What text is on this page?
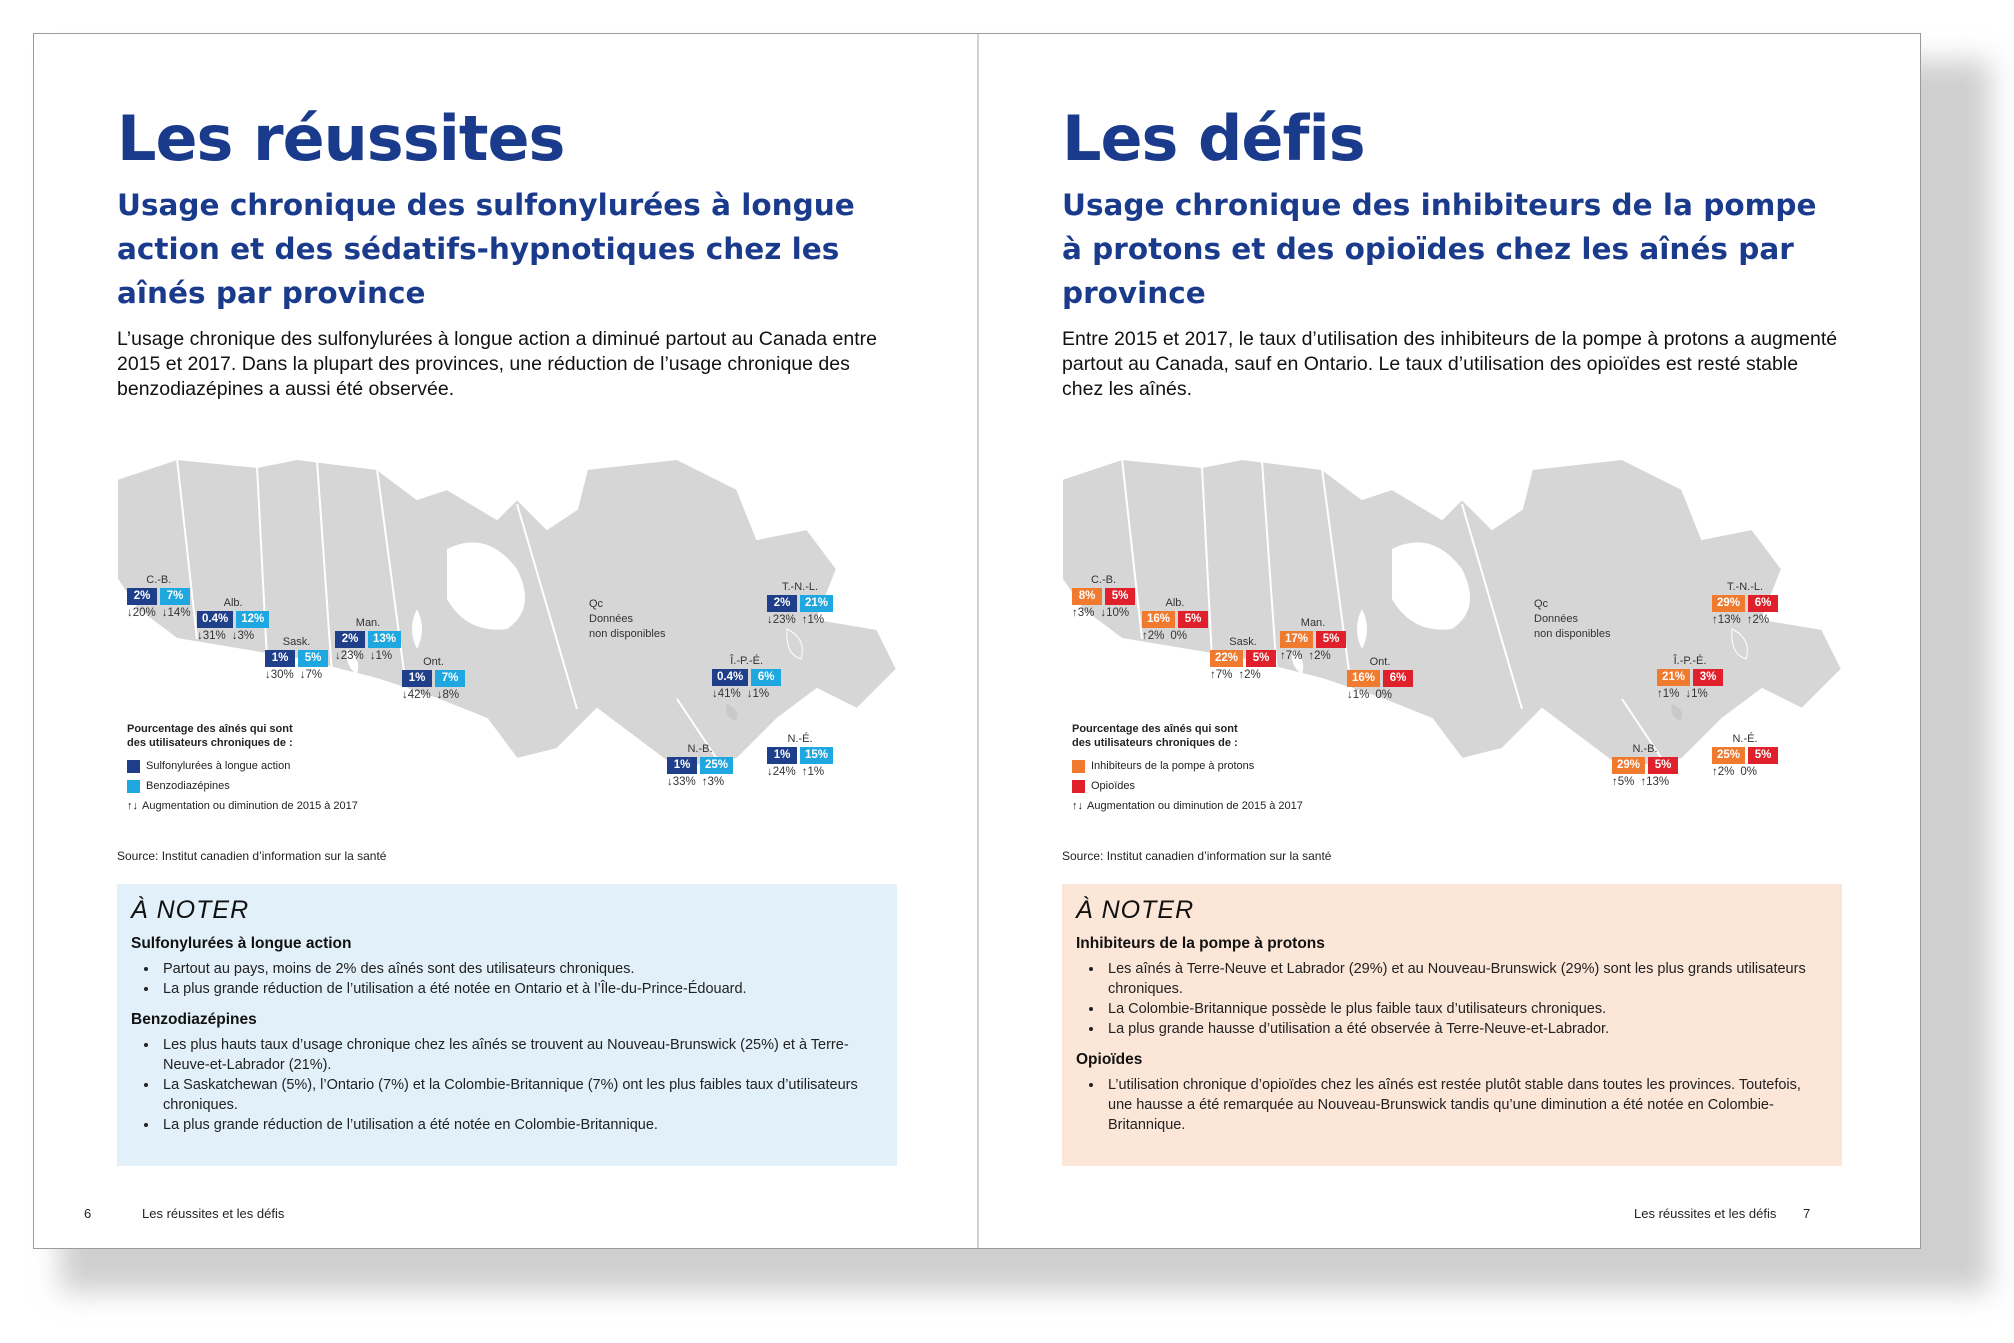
Les réussites
Usage chronique des sulfonylurées à longue action et des sédatifs-hypnotiques chez les aînés par province

L’usage chronique des sulfonylurées à longue action a diminué partout au Canada entre 2015 et 2017. Dans la plupart des provinces, une réduction de l’usage chronique des benzodiazépines a aussi été observée.

C.-B.
2%	7%
↓20% ↓14%
Alb.
0.4%	12%
↓31% ↓3%	Sask.
1%	5%
↓30% ↓7%
Man.
2%	13%
↓23% ↓1%	Ont.
1%	7%
↓42% ↓8%
T.-N.-L.
2%	21%
↓23% ↑1%
Î.-P.-É.
0.4%	6%
↓41% ↓1%
N.-B.
1%	25%
↓33% ↑3%
N.-É.
1%	15%
↓24% ↑1%
Qc
Données
non disponibles
Pourcentage des aînés qui sont
des utilisateurs chroniques de :
Sulfonylurées à longue action
Benzodiazépines
↑↓ Augmentation ou diminution de 2015 à 2017
Source: Institut canadien d’information sur la santé
À NOTER
Sulfonylurées à longue action
• Partout au pays, moins de 2% des aînés sont des utilisateurs chroniques.
• La plus grande réduction de l’utilisation a été notée en Ontario et à l’Île-du-Prince-Édouard.
Benzodiazépines
• Les plus hauts taux d’usage chronique chez les aînés se trouvent au Nouveau-Brunswick (25%) et à Terre-Neuve-et-Labrador (21%).
• La Saskatchewan (5%), l’Ontario (7%) et la Colombie-Britannique (7%) ont les plus faibles taux d’utilisateurs chroniques.
• La plus grande réduction de l’utilisation a été notée en Colombie-Britannique.
6	Les réussites et les défis
Les défis
Usage chronique des inhibiteurs de la pompe à protons et des opioïdes chez les aînés par province

Entre 2015 et 2017, le taux d’utilisation des inhibiteurs de la pompe à protons a augmenté partout au Canada, sauf en Ontario. Le taux d’utilisation des opioïdes est resté stable chez les aînés.

C.-B.
8%	5%
↑3% ↓10%
Alb.
16%	5%
↑2% 0%	Sask.
22%	5%
↑7% ↑2%
Man.
17%	5%
↑7% ↑2%	Ont.
16%	6%
↓1% 0%
T.-N.-L.
29%	6%
↑13% ↑2%
Î.-P.-É.
21%	3%
↑1% ↓1%
N.-B.
29%	5%
↑5% ↑13%
N.-É.
25%	5%
↑2% 0%
Qc
Données
non disponibles
Pourcentage des aînés qui sont
des utilisateurs chroniques de :
Inhibiteurs de la pompe à protons
Opioïdes
↑↓ Augmentation ou diminution de 2015 à 2017
Source: Institut canadien d’information sur la santé
À NOTER
Inhibiteurs de la pompe à protons
• Les aînés à Terre-Neuve et Labrador (29%) et au Nouveau-Brunswick (29%) sont les plus grands utilisateurs chroniques.
• La Colombie-Britannique possède le plus faible taux d’utilisateurs chroniques.
• La plus grande hausse d’utilisation a été observée à Terre-Neuve-et-Labrador.
Opioïdes
• L’utilisation chronique d’opioïdes chez les aînés est restée plutôt stable dans toutes les provinces. Toutefois, une hausse a été remarquée au Nouveau-Brunswick tandis qu’une diminution a été notée en Colombie-Britannique.
Les réussites et les défis 7
